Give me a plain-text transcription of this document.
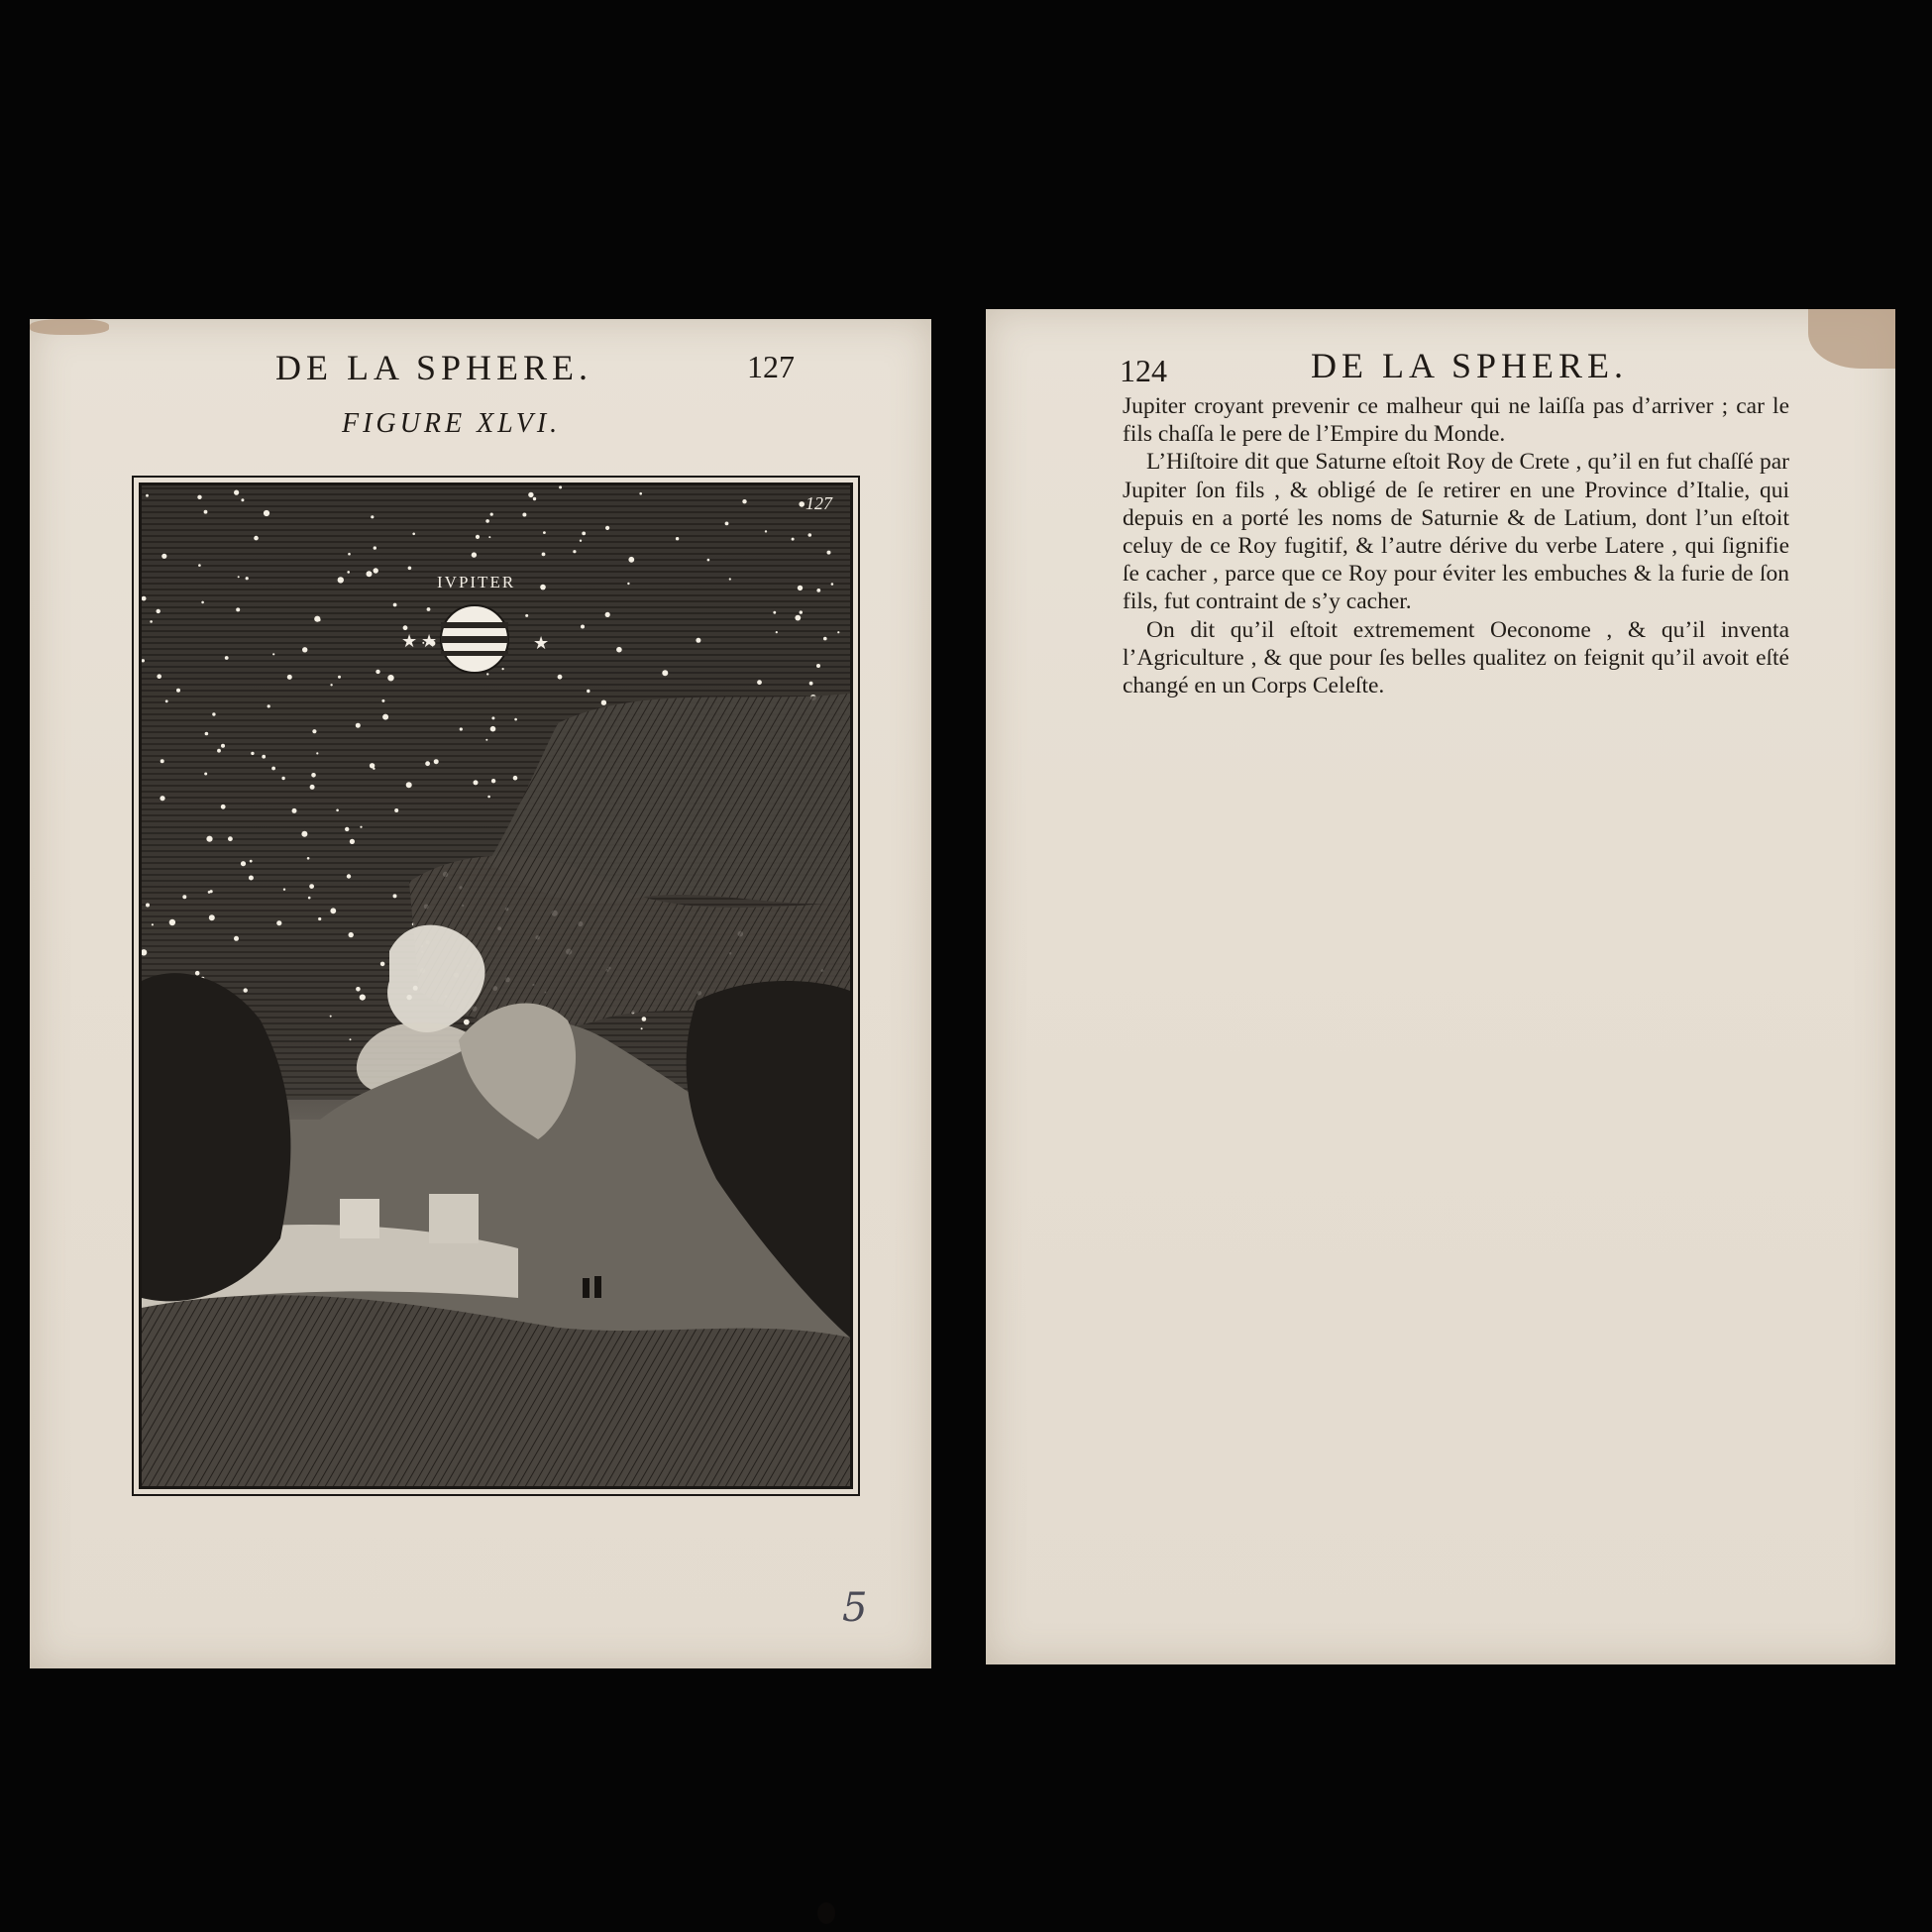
DE LA SPHERE.	127
FIGURE XLVI.
★ ★	★
127
IVPITER
5
124	DE LA SPHERE.

Jupiter croyant prevenir ce malheur qui ne laiſſa pas d’arriver ; car le fils chaſſa le pere de l’Empire du Monde.

L’Hiſtoire dit que Saturne eſtoit Roy de Crete , qu’il en fut chaſſé par Jupiter ſon fils , & obligé de ſe retirer en une Province d’Italie, qui depuis en a porté les noms de Saturnie & de Latium, dont l’un eſtoit celuy de ce Roy fugitif, & l’autre dérive du verbe Latere , qui ſignifie ſe cacher , parce que ce Roy pour éviter les embuches & la furie de ſon fils, fut contraint de s’y cacher.

On dit qu’il eſtoit extremement Oeconome , & qu’il inventa l’Agriculture , & que pour ſes belles qualitez on feignit qu’il avoit eſté changé en un Corps Celeſte.
